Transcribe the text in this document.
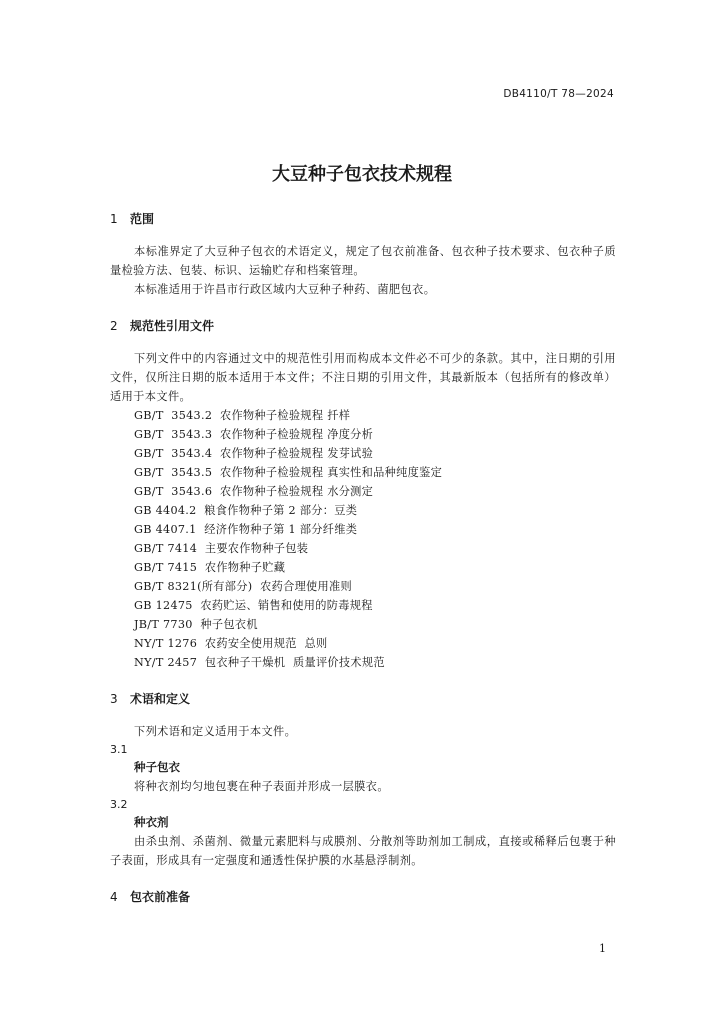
DB4110/T 78—2024
大豆种子包衣技术规程
1 范围
本标准界定了大豆种子包衣的术语定义，规定了包衣前准备、包衣种子技术要求、包衣种子质量检验方法、包装、标识、运输贮存和档案管理。
本标准适用于许昌市行政区域内大豆种子种药、菌肥包衣。
2 规范性引用文件
下列文件中的内容通过文中的规范性引用而构成本文件必不可少的条款。其中，注日期的引用文件，仅所注日期的版本适用于本文件；不注日期的引用文件，其最新版本（包括所有的修改单）适用于本文件。
GB/T  3543.2  农作物种子检验规程 扦样
GB/T  3543.3  农作物种子检验规程 净度分析
GB/T  3543.4  农作物种子检验规程 发芽试验
GB/T  3543.5  农作物种子检验规程 真实性和品种纯度鉴定
GB/T  3543.6  农作物种子检验规程 水分测定
GB 4404.2  粮食作物种子第 2 部分：豆类
GB 4407.1  经济作物种子第 1 部分纤维类
GB/T 7414  主要农作物种子包装
GB/T 7415  农作物种子贮藏
GB/T 8321(所有部分)  农药合理使用准则
GB 12475  农药贮运、销售和使用的防毒规程
JB/T 7730  种子包衣机
NY/T 1276  农药安全使用规范  总则
NY/T 2457  包衣种子干燥机  质量评价技术规范
3 术语和定义
下列术语和定义适用于本文件。
3.1
种子包衣
将种衣剂均匀地包裹在种子表面并形成一层膜衣。
3.2
种衣剂
由杀虫剂、杀菌剂、微量元素肥料与成膜剂、分散剂等助剂加工制成，直接或稀释后包裹于种子表面，形成具有一定强度和通透性保护膜的水基悬浮制剂。
4 包衣前准备
1
